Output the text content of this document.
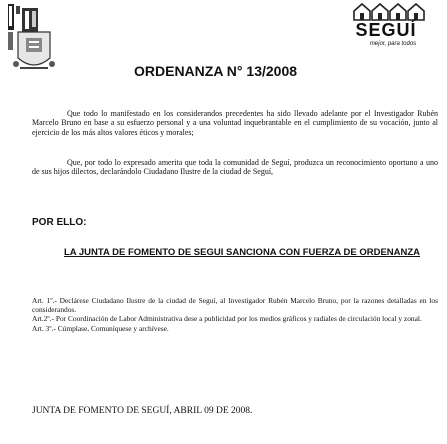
SEGUÍ
mejor, para todos
ORDENANZA N° 13/2008

Que todo lo manifestado en los considerandos precedentes ha sido llevado adelante por el Investigador Rubén Marcelo Bruno en base a su esfuerzo personal y a una voluntad inquebrantable en el cumplimiento de su vocación, junto al ejercicio de los más altos valores éticos y morales;

Que, por todo lo expresado amerita que toda la comunidad de Seguí, produzca un reconocimiento oportuno a uno de sus hijos dilectos, declarándolo Ciudadano Ilustre de la ciudad de Seguí,

POR ELLO:

LA JUNTA DE FOMENTO DE SEGUI SANCIONA CON FUERZA DE ORDENANZA

Art. 1º.- Declárese Ciudadano Ilustre de la ciudad de Seguí, al Investigador Rubén Marcelo Bruno, por la razones detalladas en los considerandos.

Art.2º.- Por Coordinación de Labor Administrativa dese a publicidad por los medios gráficos y radiales de circulación local y zonal.

Art. 3º.- Cúmplase, Comuníquese y archívese.

JUNTA DE FOMENTO DE SEGUÍ, ABRIL 09 DE 2008.
